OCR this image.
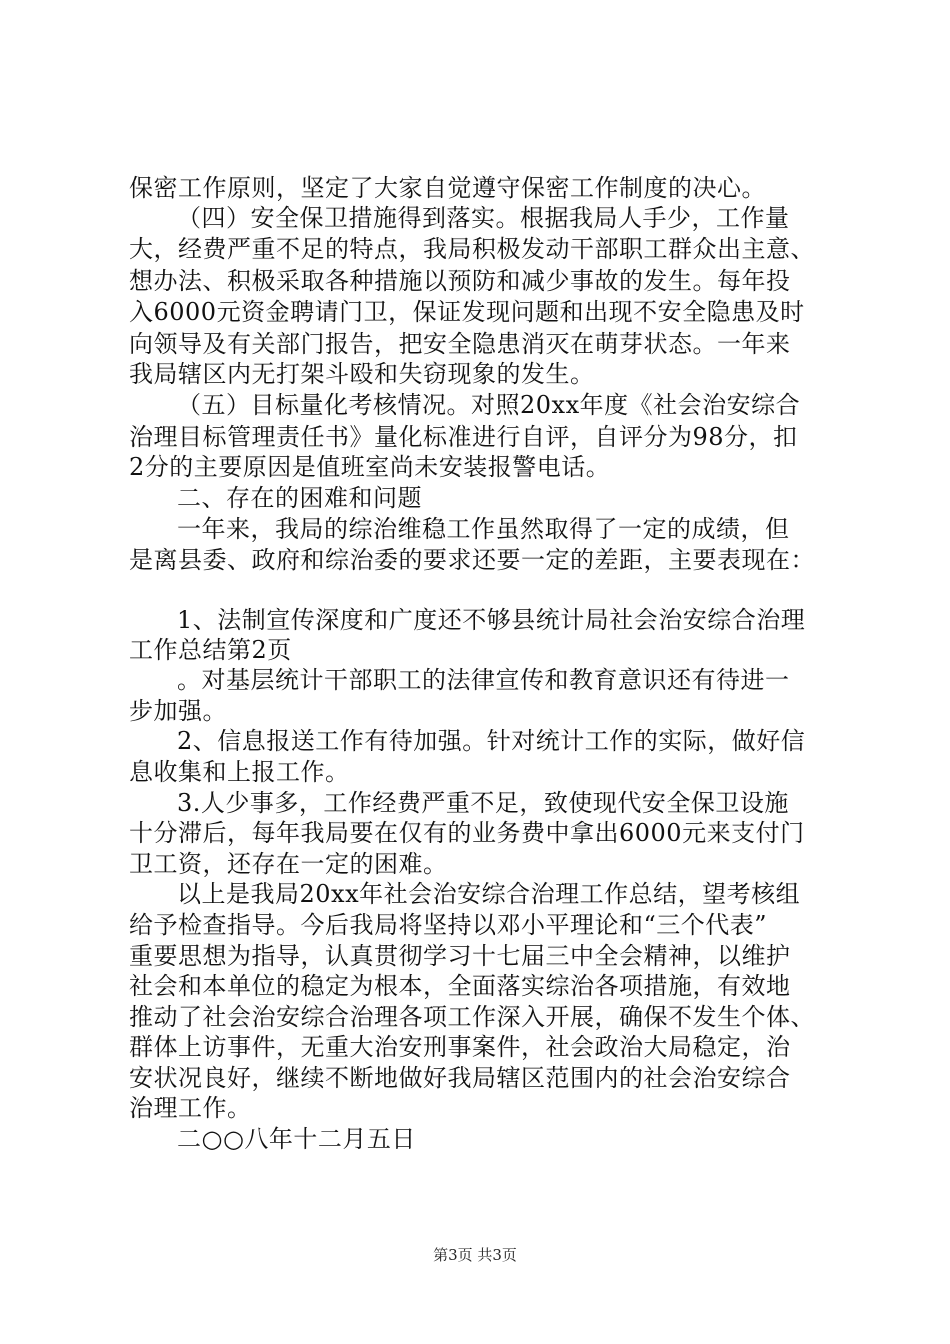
保密工作原则，坚定了大家自觉遵守保密工作制度的决心。
（四）安全保卫措施得到落实。根据我局人手少，工作量
大，经费严重不足的特点，我局积极发动干部职工群众出主意、
想办法、积极采取各种措施以预防和减少事故的发生。每年投
入6000元资金聘请门卫，保证发现问题和出现不安全隐患及时
向领导及有关部门报告，把安全隐患消灭在萌芽状态。一年来
我局辖区内无打架斗殴和失窃现象的发生。
（五）目标量化考核情况。对照20xx年度《社会治安综合
治理目标管理责任书》量化标准进行自评，自评分为98分，扣
2分的主要原因是值班室尚未安装报警电话。
二、存在的困难和问题
一年来，我局的综治维稳工作虽然取得了一定的成绩，但
是离县委、政府和综治委的要求还要一定的差距，主要表现在：
1、法制宣传深度和广度还不够县统计局社会治安综合治理
工作总结第2页
。对基层统计干部职工的法律宣传和教育意识还有待进一
步加强。
2、信息报送工作有待加强。针对统计工作的实际，做好信
息收集和上报工作。
3.人少事多，工作经费严重不足，致使现代安全保卫设施
十分滞后，每年我局要在仅有的业务费中拿出6000元来支付门
卫工资，还存在一定的困难。
以上是我局20xx年社会治安综合治理工作总结，望考核组
给予检查指导。今后我局将坚持以邓小平理论和“三个代表”
重要思想为指导，认真贯彻学习十七届三中全会精神，以维护
社会和本单位的稳定为根本，全面落实综治各项措施，有效地
推动了社会治安综合治理各项工作深入开展，确保不发生个体、
群体上访事件，无重大治安刑事案件，社会政治大局稳定，治
安状况良好，继续不断地做好我局辖区范围内的社会治安综合
治理工作。
二○○八年十二月五日
第3页 共3页
